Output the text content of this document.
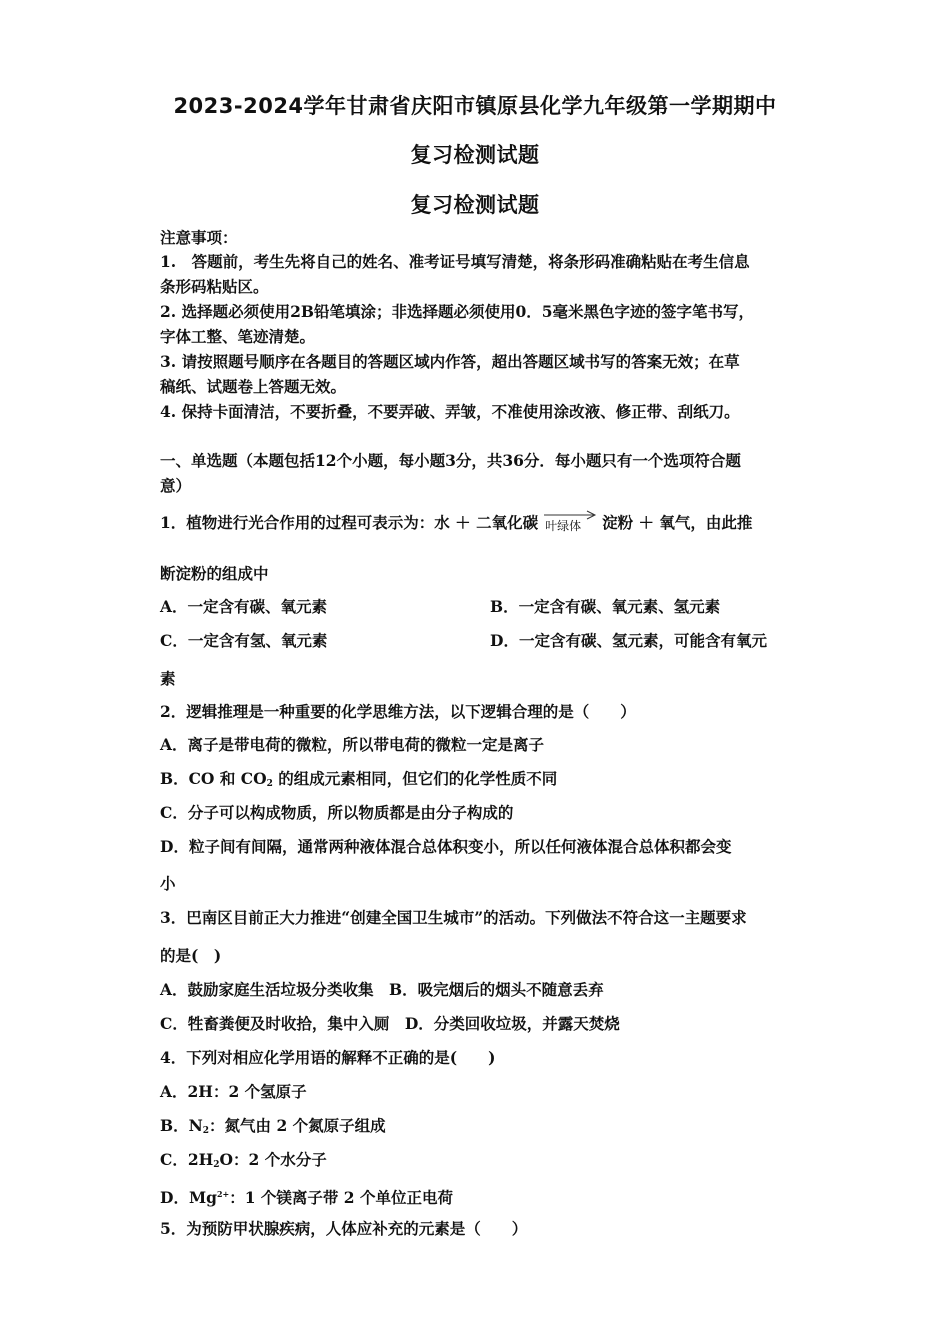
2023-2024学年甘肃省庆阳市镇原县化学九年级第一学期期中
复习检测试题
复习检测试题
注意事项：
1.　答题前，考生先将自己的姓名、准考证号填写清楚，将条形码准确粘贴在考生信息
条形码粘贴区。
2. 选择题必须使用2B铅笔填涂；非选择题必须使用0．5毫米黑色字迹的签字笔书写，
字体工整、笔迹清楚。
3. 请按照题号顺序在各题目的答题区域内作答，超出答题区域书写的答案无效；在草
稿纸、试题卷上答题无效。
4. 保持卡面清洁，不要折叠，不要弄破、弄皱，不准使用涂改液、修正带、刮纸刀。
一、单选题（本题包括12个小题，每小题3分，共36分．每小题只有一个选项符合题
意）
1．植物进行光合作用的过程可表示为：水 ＋ 二氧化碳 叶绿体 淀粉 ＋ 氧气，由此推
断淀粉的组成中
A．一定含有碳、氧元素	B．一定含有碳、氧元素、氢元素
C．一定含有氢、氧元素	D．一定含有碳、氢元素，可能含有氧元
素
2．逻辑推理是一种重要的化学思维方法，以下逻辑合理的是（　　）
A．离子是带电荷的微粒，所以带电荷的微粒一定是离子
B．CO 和 $CO_2$ 的组成元素相同，但它们的化学性质不同
C．分子可以构成物质，所以物质都是由分子构成的
D．粒子间有间隔，通常两种液体混合总体积变小，所以任何液体混合总体积都会变
小
3．巴南区目前正大力推进“创建全国卫生城市”的活动。下列做法不符合这一主题要求
的是(　)
A．鼓励家庭生活垃圾分类收集　B．吸完烟后的烟头不随意丢弃
C．牲畜粪便及时收拾，集中入厕　D．分类回收垃圾，并露天焚烧
4．下列对相应化学用语的解释不正确的是(　　)
A．2H：2 个氢原子
B．$N_2$：氮气由 2 个氮原子组成
C．$2H_2O$：2 个水分子
D．$Mg^{2+}$：1 个镁离子带 2 个单位正电荷
5．为预防甲状腺疾病，人体应补充的元素是（　　）
